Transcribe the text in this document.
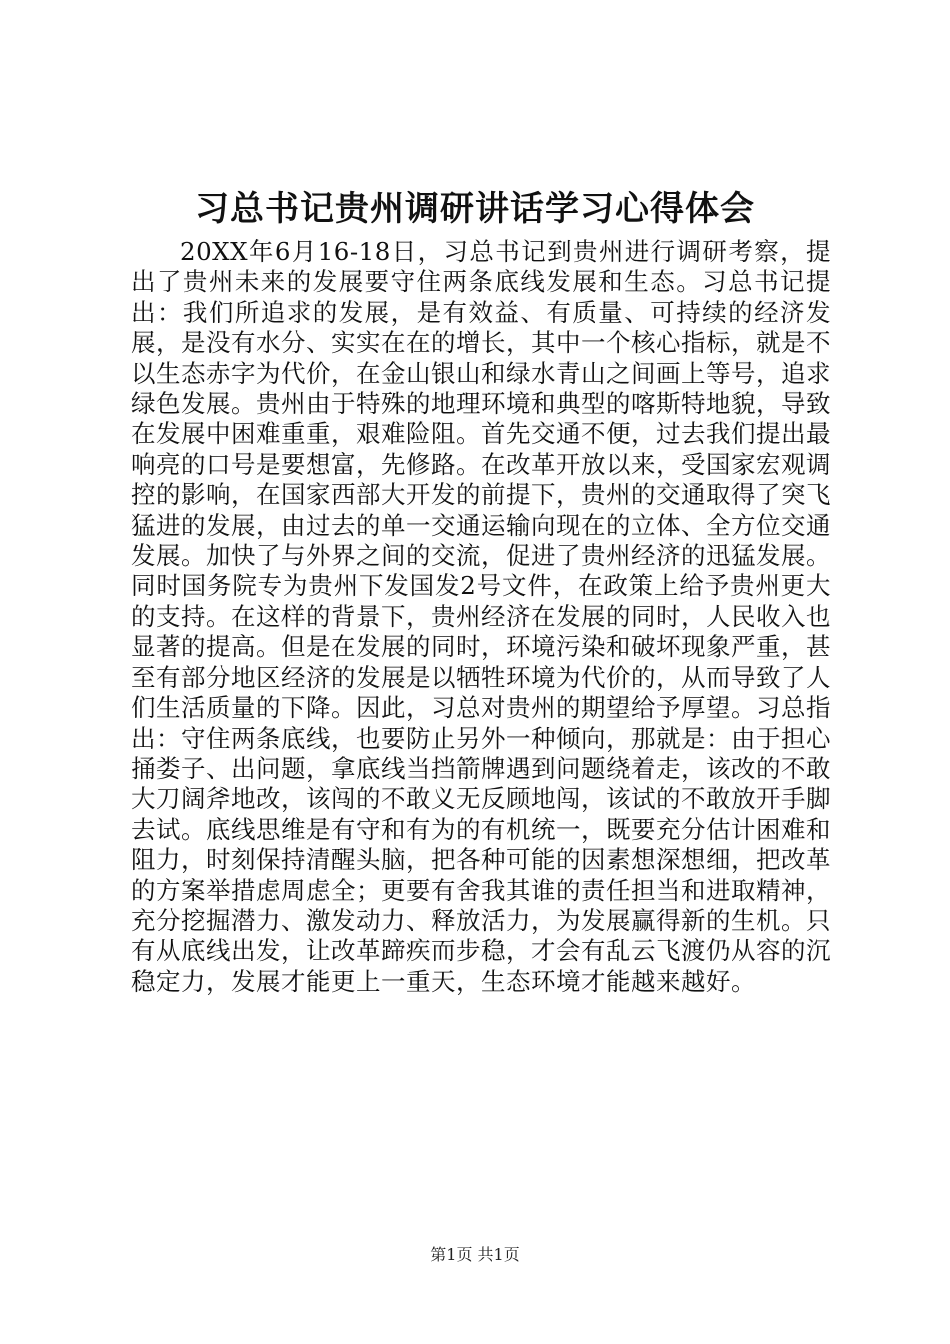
习总书记贵州调研讲话学习心得体会

20XX年6月16-18日，习总书记到贵州进行调研考察，提出了贵州未来的发展要守住两条底线发展和生态。习总书记提出：我们所追求的发展，是有效益、有质量、可持续的经济发展，是没有水分、实实在在的增长，其中一个核心指标，就是不以生态赤字为代价，在金山银山和绿水青山之间画上等号，追求绿色发展。贵州由于特殊的地理环境和典型的喀斯特地貌，导致在发展中困难重重，艰难险阻。首先交通不便，过去我们提出最响亮的口号是要想富，先修路。在改革开放以来，受国家宏观调控的影响，在国家西部大开发的前提下，贵州的交通取得了突飞猛进的发展，由过去的单一交通运输向现在的立体、全方位交通发展。加快了与外界之间的交流，促进了贵州经济的迅猛发展。同时国务院专为贵州下发国发2号文件，在政策上给予贵州更大的支持。在这样的背景下，贵州经济在发展的同时，人民收入也显著的提高。但是在发展的同时，环境污染和破坏现象严重，甚至有部分地区经济的发展是以牺牲环境为代价的，从而导致了人们生活质量的下降。因此，习总对贵州的期望给予厚望。习总指出：守住两条底线，也要防止另外一种倾向，那就是：由于担心捅娄子、出问题，拿底线当挡箭牌遇到问题绕着走，该改的不敢大刀阔斧地改，该闯的不敢义无反顾地闯，该试的不敢放开手脚去试。底线思维是有守和有为的有机统一，既要充分估计困难和阻力，时刻保持清醒头脑，把各种可能的因素想深想细，把改革的方案举措虑周虑全；更要有舍我其谁的责任担当和进取精神，充分挖掘潜力、激发动力、释放活力，为发展赢得新的生机。只有从底线出发，让改革蹄疾而步稳，才会有乱云飞渡仍从容的沉稳定力，发展才能更上一重天，生态环境才能越来越好。

第1页 共1页
